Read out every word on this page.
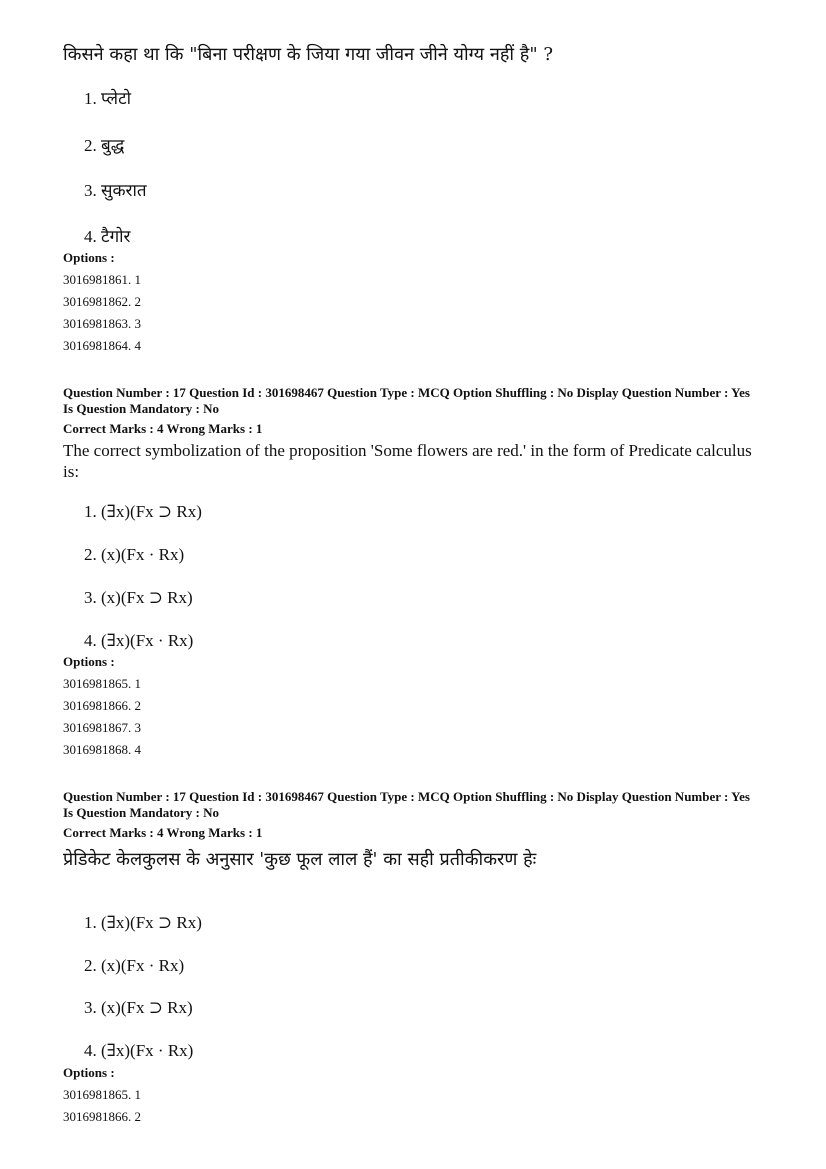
किसने कहा था कि "बिना परीक्षण के जिया गया जीवन जीने योग्य नहीं है" ?
1. प्लेटो
2. बुद्ध
3. सुकरात
4. टैगोर
Options :
3016981861. 1
3016981862. 2
3016981863. 3
3016981864. 4
Question Number : 17 Question Id : 301698467 Question Type : MCQ Option Shuffling : No Display Question Number : Yes Is Question Mandatory : No
Correct Marks : 4 Wrong Marks : 1
The correct symbolization of the proposition 'Some flowers are red.' in the form of Predicate calculus is:
1. (∃x)(Fx ⊃ Rx)
2. (x)(Fx · Rx)
3. (x)(Fx ⊃ Rx)
4. (∃x)(Fx · Rx)
Options :
3016981865. 1
3016981866. 2
3016981867. 3
3016981868. 4
Question Number : 17 Question Id : 301698467 Question Type : MCQ Option Shuffling : No Display Question Number : Yes Is Question Mandatory : No
Correct Marks : 4 Wrong Marks : 1
प्रेडिकेट केलकुलस के अनुसार 'कुछ फूल लाल हैं' का सही प्रतीकीकरण हेः
1. (∃x)(Fx ⊃ Rx)
2. (x)(Fx · Rx)
3. (x)(Fx ⊃ Rx)
4. (∃x)(Fx · Rx)
Options :
3016981865. 1
3016981866. 2
